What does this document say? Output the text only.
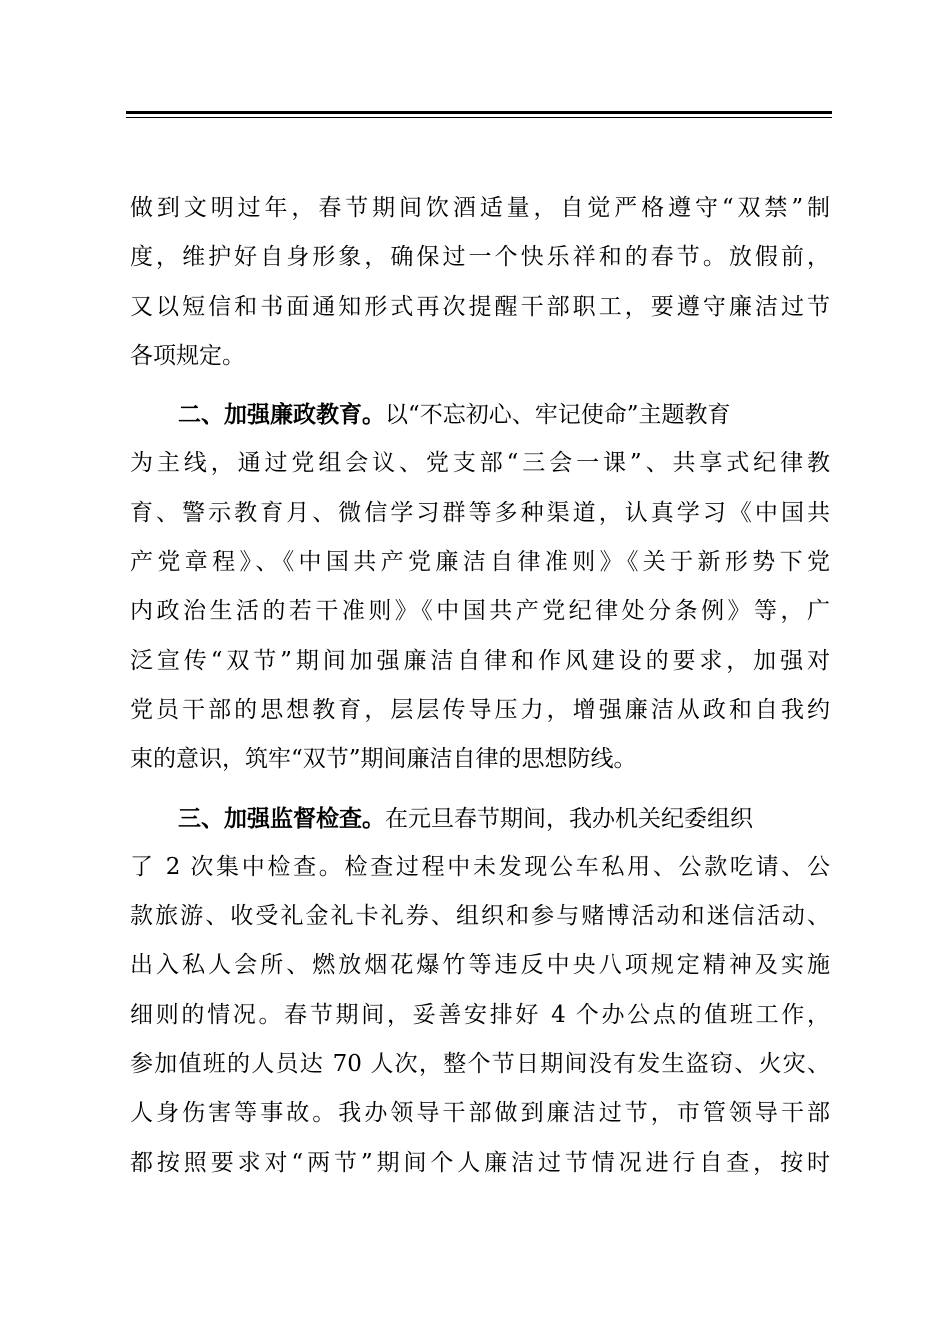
做到文明过年，春节期间饮酒适量，自觉严格遵守“双禁”制
度，维护好自身形象，确保过一个快乐祥和的春节。放假前，
又以短信和书面通知形式再次提醒干部职工，要遵守廉洁过节
各项规定。
二、加强廉政教育。以“不忘初心、牢记使命”主题教育
为主线，通过党组会议、党支部“三会一课”、共享式纪律教
育、警示教育月、微信学习群等多种渠道，认真学习《中国共
产党章程》、《中国共产党廉洁自律准则》《关于新形势下党
内政治生活的若干准则》《中国共产党纪律处分条例》等，广
泛宣传“双节”期间加强廉洁自律和作风建设的要求，加强对
党员干部的思想教育，层层传导压力，增强廉洁从政和自我约
束的意识，筑牢“双节”期间廉洁自律的思想防线。
三、加强监督检查。在元旦春节期间，我办机关纪委组织
了 2 次集中检查。检查过程中未发现公车私用、公款吃请、公
款旅游、收受礼金礼卡礼券、组织和参与赌博活动和迷信活动、
出入私人会所、燃放烟花爆竹等违反中央八项规定精神及实施
细则的情况。春节期间，妥善安排好 4 个办公点的值班工作，
参加值班的人员达 70 人次，整个节日期间没有发生盗窃、火灾、
人身伤害等事故。我办领导干部做到廉洁过节，市管领导干部
都按照要求对“两节”期间个人廉洁过节情况进行自查，按时
